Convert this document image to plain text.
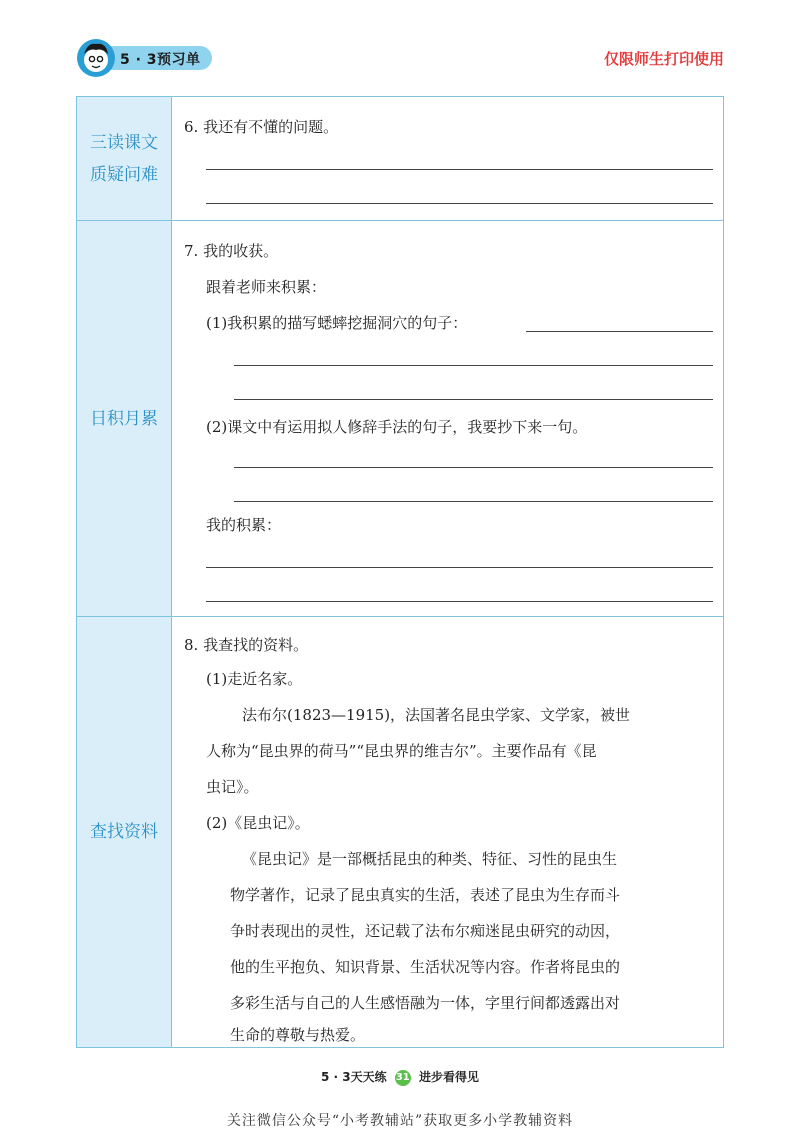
5 · 3预习单	仅限师生打印使用
三读课文
质疑问难
6. 我还有不懂的问题。
日积月累
7. 我的收获。
跟着老师来积累：
(1)我积累的描写蟋蟀挖掘洞穴的句子：
(2)课文中有运用拟人修辞手法的句子，我要抄下来一句。
我的积累：
查找资料
8. 我查找的资料。
(1)走近名家。
法布尔(1823—1915)，法国著名昆虫学家、文学家，被世
人称为“昆虫界的荷马”“昆虫界的维吉尔”。主要作品有《昆
虫记》。
(2)《昆虫记》。
《昆虫记》是一部概括昆虫的种类、特征、习性的昆虫生
物学著作，记录了昆虫真实的生活，表述了昆虫为生存而斗
争时表现出的灵性，还记载了法布尔痴迷昆虫研究的动因，
他的生平抱负、知识背景、生活状况等内容。作者将昆虫的
多彩生活与自己的人生感悟融为一体，字里行间都透露出对
生命的尊敬与热爱。
5 · 3天天练 31 进步看得见
关注微信公众号“小考教辅站”获取更多小学教辅资料
